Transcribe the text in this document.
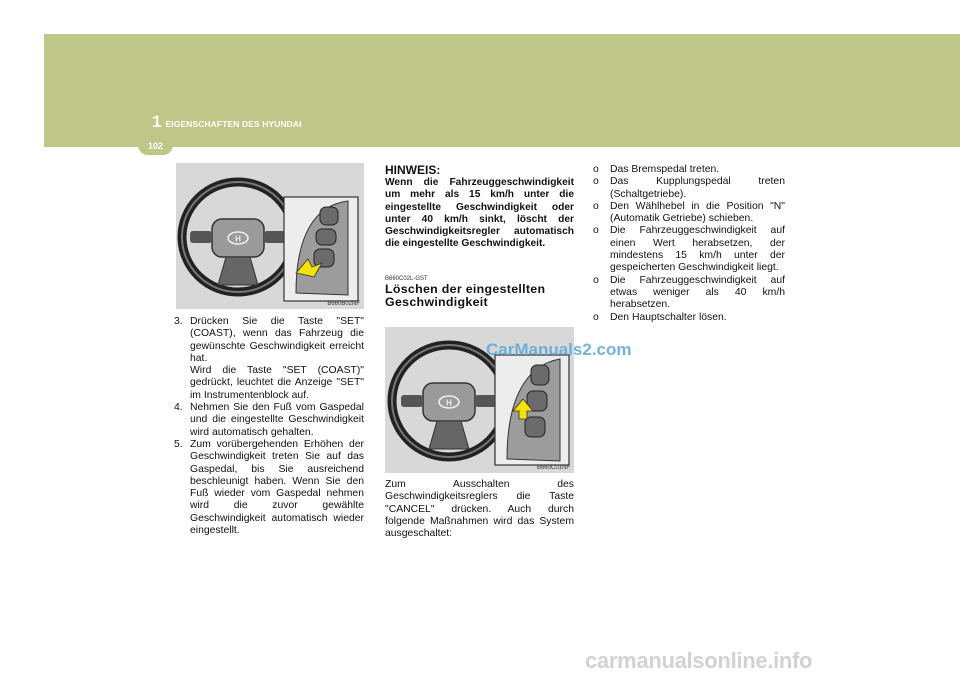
1 EIGENSCHAFTEN DES HYUNDAI
102
H
B660B02NF
3. Drücken Sie die Taste "SET" (COAST), wenn das Fahrzeug die gewünschte Geschwindigkeit erreicht hat.
Wird die Taste "SET (COAST)" gedrückt, leuchtet die Anzeige "SET" im Instrumentenblock auf.
4. Nehmen Sie den Fuß vom Gaspedal und die eingestellte Geschwindigkeit wird automatisch gehalten.
5. Zum vorübergehenden Erhöhen der Geschwindigkeit treten Sie auf das Gaspedal, bis Sie ausreichend beschleunigt haben. Wenn Sie den Fuß wieder vom Gaspedal nehmen wird die zuvor gewählte Geschwindigkeit automatisch wieder eingestellt.

HINWEIS:

Wenn die Fahrzeuggeschwindigkeit um mehr als 15 km/h unter die eingestellte Geschwindigkeit oder unter 40 km/h sinkt, löscht der Geschwindigkeitsregler automatisch die eingestellte Geschwindigkeit.

B660C02L-GST

Löschen der eingestellten Geschwindigkeit

H
B660C01NF

Zum Ausschalten des Geschwindigkeitsreglers die Taste "CANCEL" drücken. Auch durch folgende Maßnahmen wird das System ausgeschaltet:

o Das Bremspedal treten.
o Das Kupplungspedal treten (Schaltgetriebe).
o Den Wählhebel in die Position "N" (Automatik Getriebe) schieben.
o Die Fahrzeuggeschwindigkeit auf einen Wert herabsetzen, der mindestens 15 km/h unter der gespeicherten Geschwindigkeit liegt.
o Die Fahrzeuggeschwindigkeit auf etwas weniger als 40 km/h herabsetzen.
o Den Hauptschalter lösen.
CarManuals2.com
carmanualsonline.info
